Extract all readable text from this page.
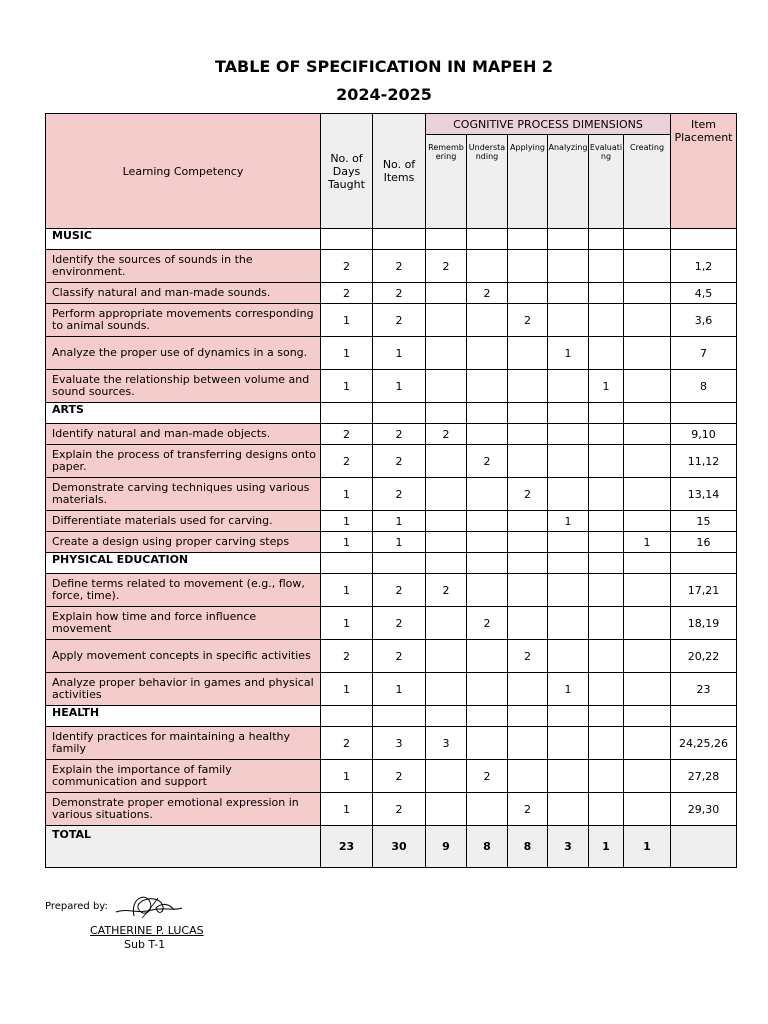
TABLE OF SPECIFICATION IN MAPEH 2
2024-2025
Learning Competency	No. of Days Taught	No. of Items	COGNITIVE PROCESS DIMENSIONS						Item Placement
			Remembering	Understanding	Applying	Analyzing	Evaluating	Creating	
MUSIC									
Identify the sources of sounds in the environment.	2	2	2						1,2
Classify natural and man-made sounds.	2	2		2					4,5
Perform appropriate movements corresponding to animal sounds.	1	2			2				3,6
Analyze the proper use of dynamics in a song.	1	1				1			7
Evaluate the relationship between volume and sound sources.	1	1					1		8
ARTS									
Identify natural and man-made objects.	2	2	2						9,10
Explain the process of transferring designs onto paper.	2	2		2					11,12
Demonstrate carving techniques using various materials.	1	2			2				13,14
Differentiate materials used for carving.	1	1				1			15
Create a design using proper carving steps	1	1						1	16
PHYSICAL EDUCATION									
Define terms related to movement (e.g., flow, force, time).	1	2	2						17,21
Explain how time and force influence movement	1	2		2					18,19
Apply movement concepts in specific activities	2	2			2				20,22
Analyze proper behavior in games and physical activities	1	1				1			23
HEALTH									
Identify practices for maintaining a healthy family	2	3	3						24,25,26
Explain the importance of family communication and support	1	2		2					27,28
Demonstrate proper emotional expression in various situations.	1	2			2				29,30
TOTAL	23	30	9	8	8	3	1	1	
Prepared by:
CATHERINE P. LUCAS
Sub T-1
